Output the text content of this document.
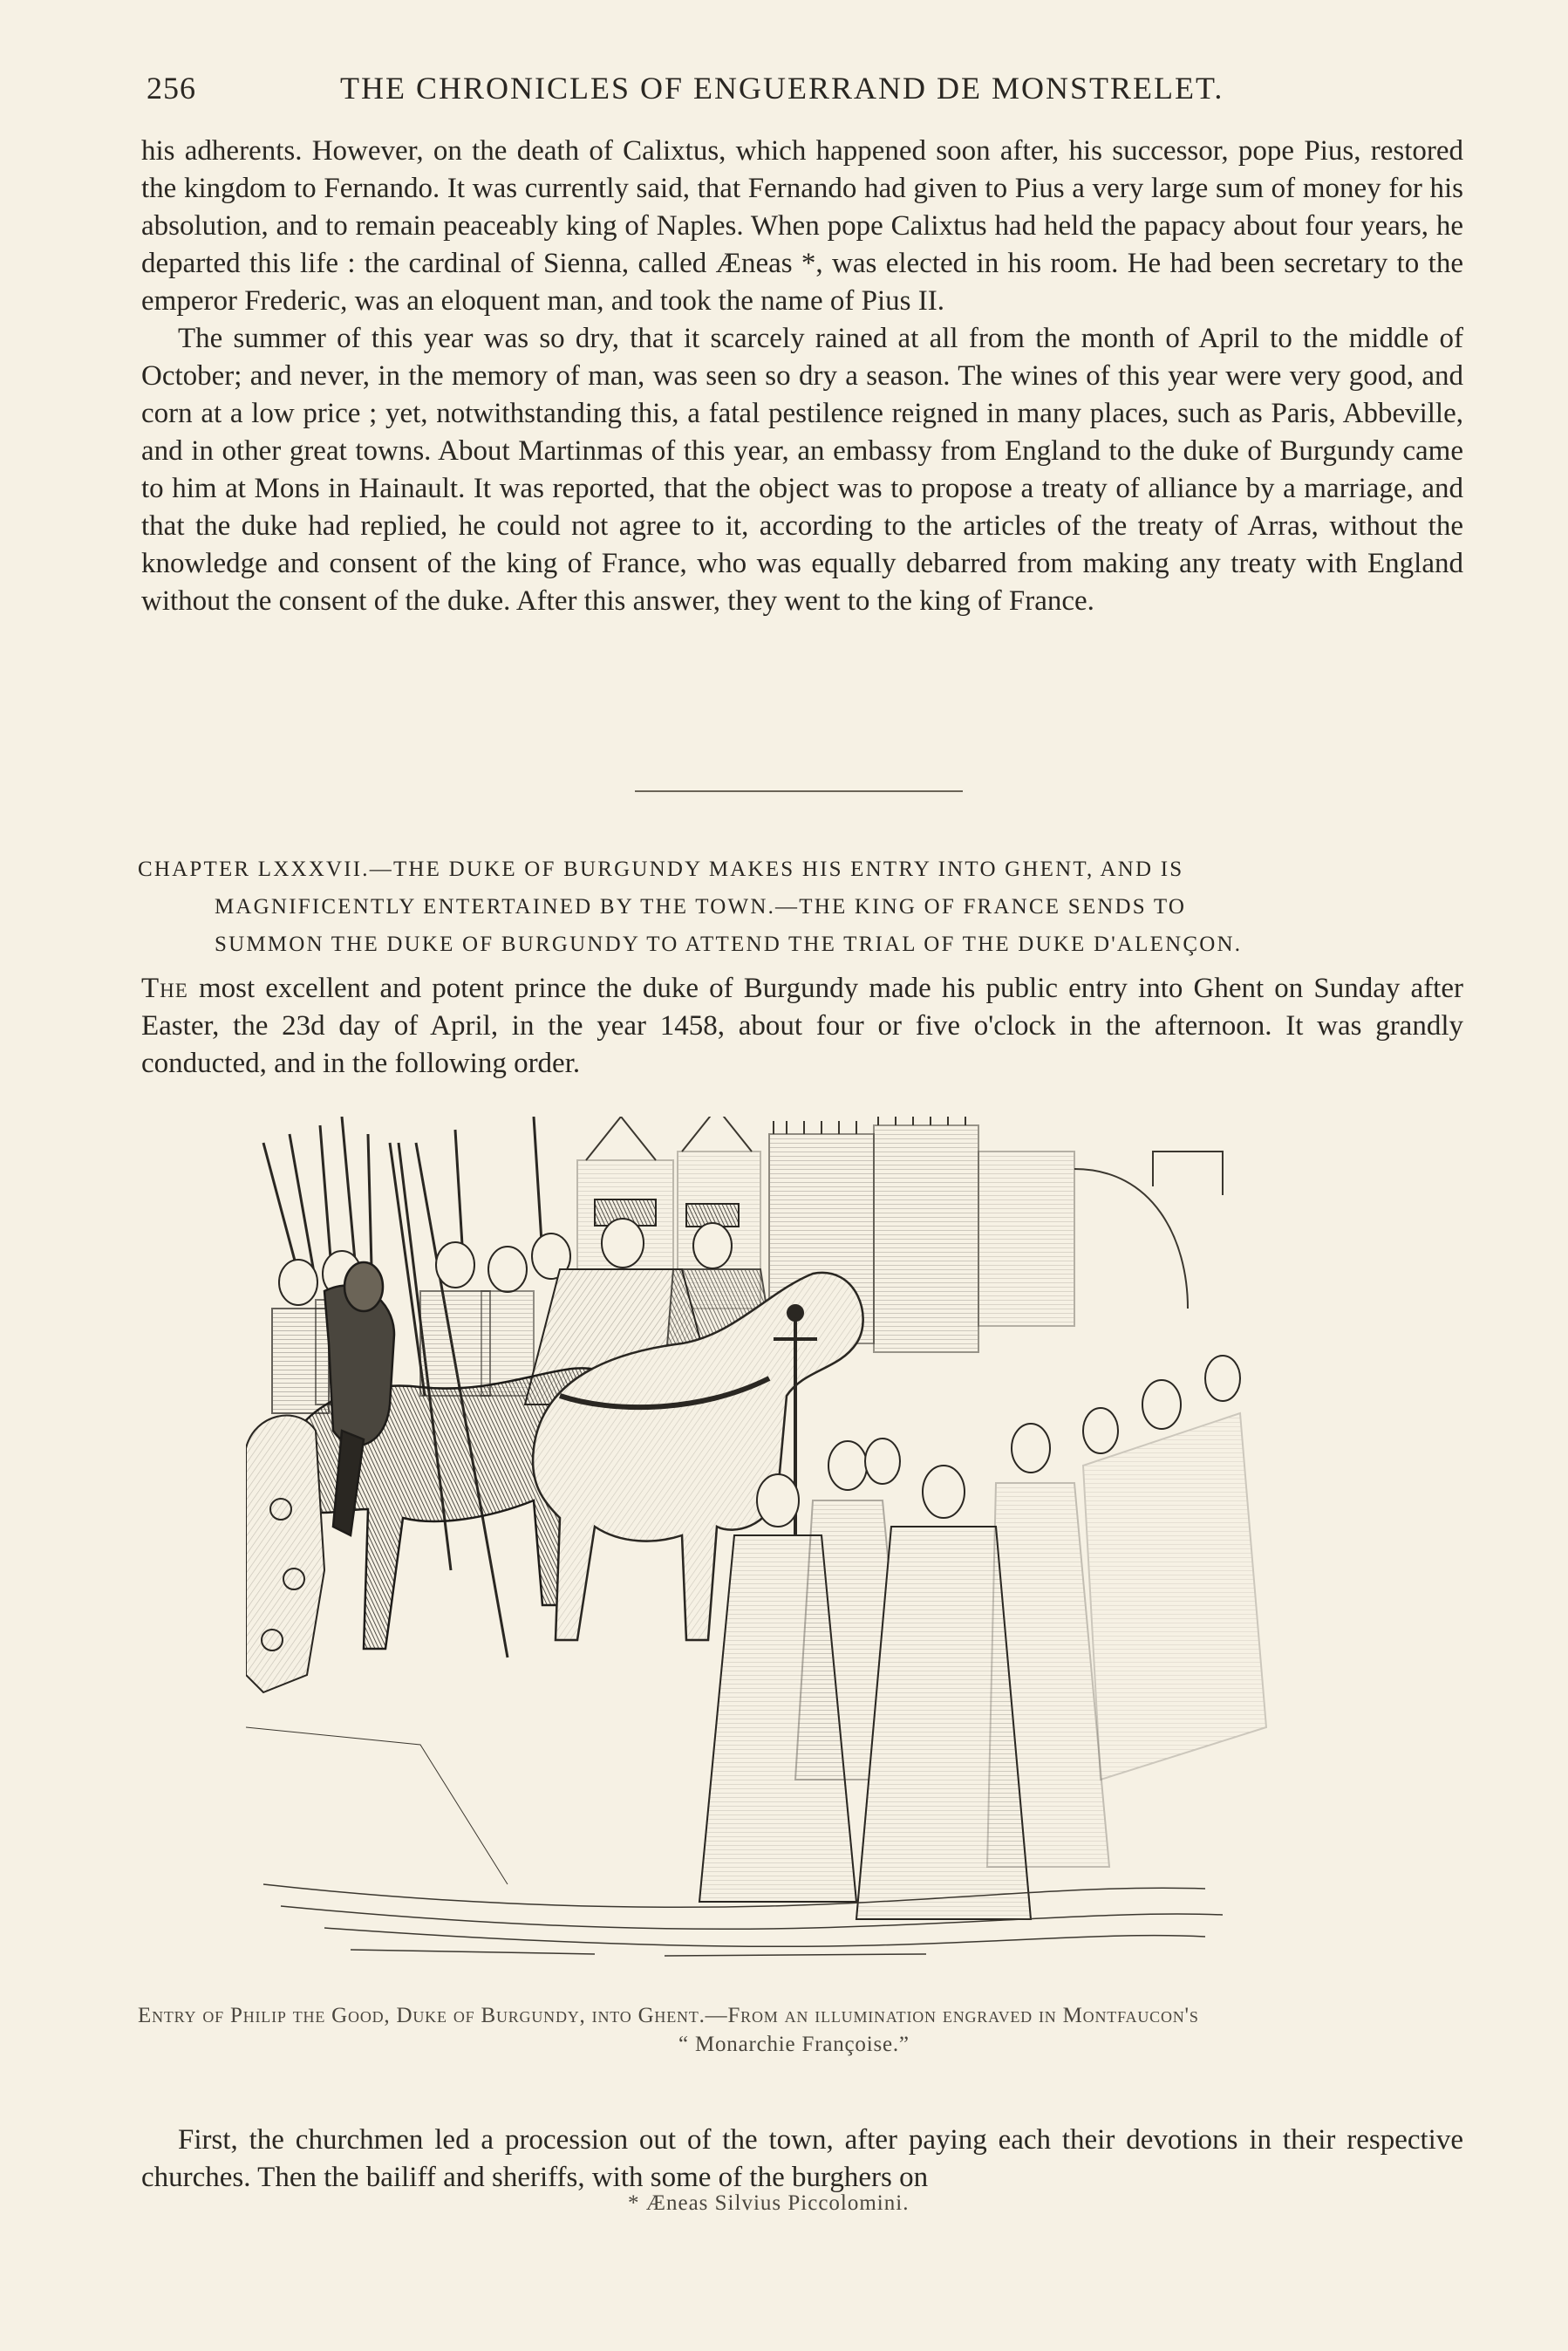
256	THE CHRONICLES OF ENGUERRAND DE MONSTRELET.

his adherents. However, on the death of Calixtus, which happened soon after, his successor, pope Pius, restored the kingdom to Fernando. It was currently said, that Fernando had given to Pius a very large sum of money for his absolution, and to remain peaceably king of Naples. When pope Calixtus had held the papacy about four years, he departed this life : the cardinal of Sienna, called Æneas *, was elected in his room. He had been secretary to the emperor Frederic, was an eloquent man, and took the name of Pius II.

The summer of this year was so dry, that it scarcely rained at all from the month of April to the middle of October; and never, in the memory of man, was seen so dry a season. The wines of this year were very good, and corn at a low price ; yet, notwithstanding this, a fatal pestilence reigned in many places, such as Paris, Abbeville, and in other great towns. About Martinmas of this year, an embassy from England to the duke of Burgundy came to him at Mons in Hainault. It was reported, that the object was to propose a treaty of alliance by a marriage, and that the duke had replied, he could not agree to it, according to the articles of the treaty of Arras, without the knowledge and consent of the king of France, who was equally debarred from making any treaty with England without the consent of the duke. After this answer, they went to the king of France.

CHAPTER LXXXVII.—THE DUKE OF BURGUNDY MAKES HIS ENTRY INTO GHENT, AND IS
MAGNIFICENTLY ENTERTAINED BY THE TOWN.—THE KING OF FRANCE SENDS TO
SUMMON THE DUKE OF BURGUNDY TO ATTEND THE TRIAL OF THE DUKE D'ALENÇON.

The most excellent and potent prince the duke of Burgundy made his public entry into Ghent on Sunday after Easter, the 23d day of April, in the year 1458, about four or five o'clock in the afternoon. It was grandly conducted, and in the following order.

Entry of Philip the Good, Duke of Burgundy, into Ghent.—From an illumination engraved in Montfaucon's
“ Monarchie Françoise.”

First, the churchmen led a procession out of the town, after paying each their devotions in their respective churches. Then the bailiff and sheriffs, with some of the burghers on

* Æneas Silvius Piccolomini.
